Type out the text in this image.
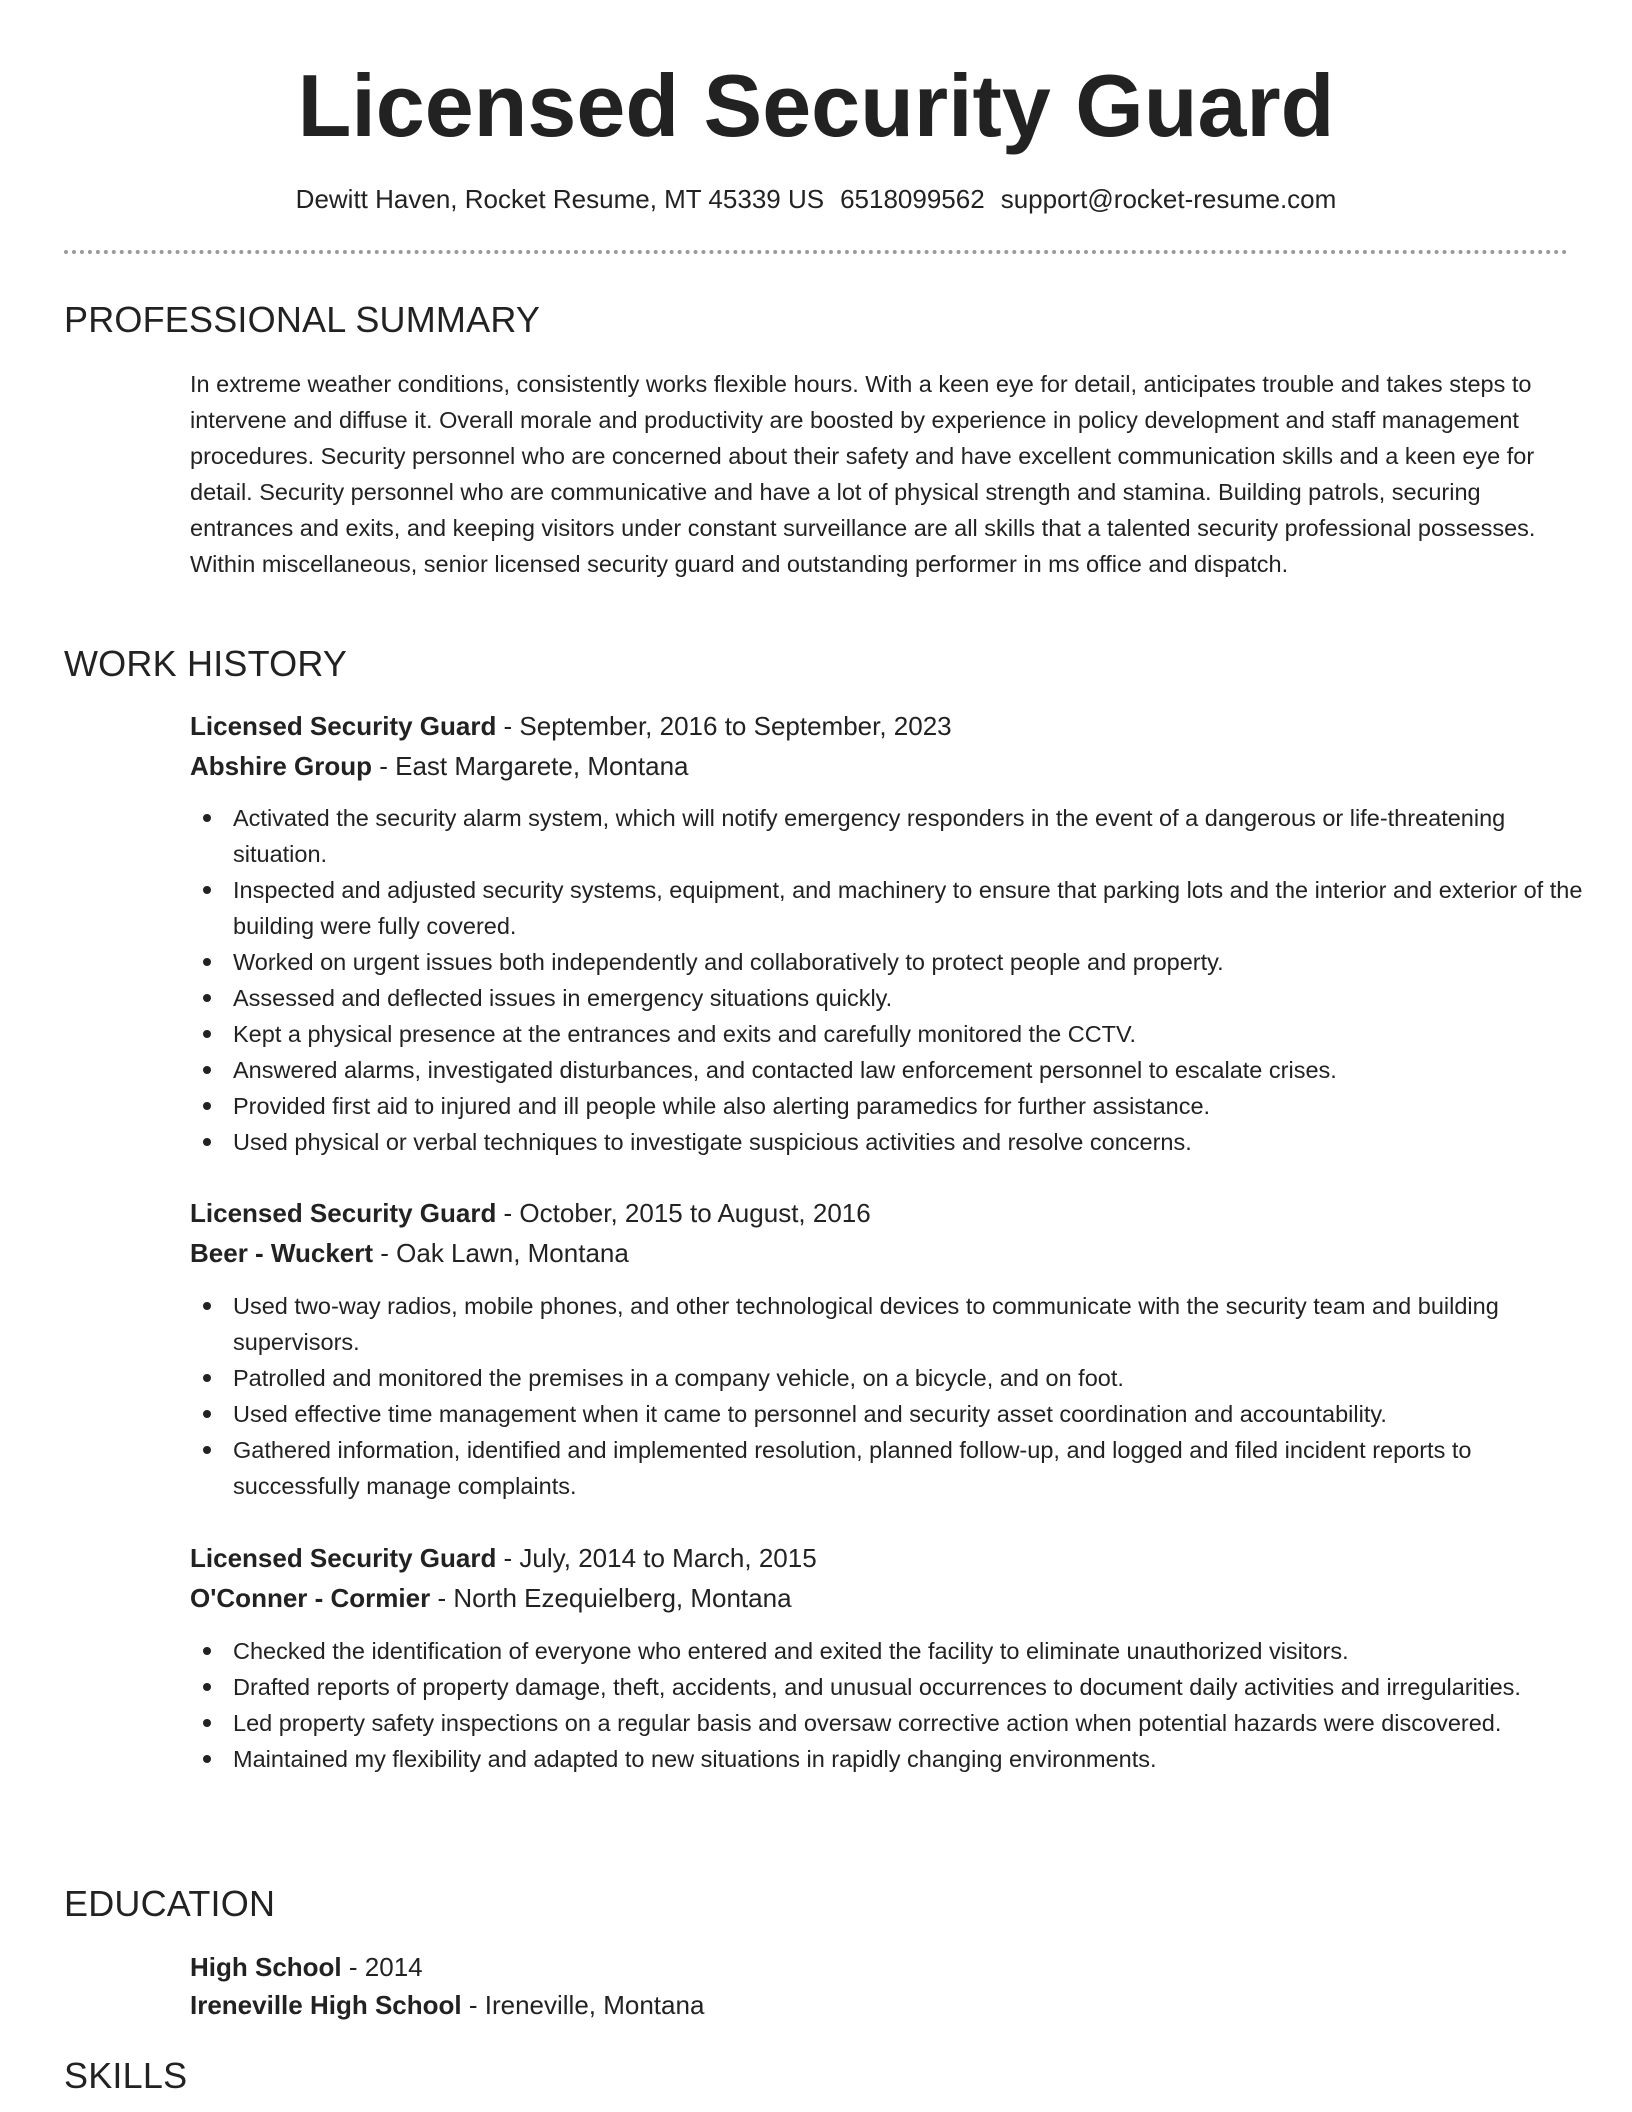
Licensed Security Guard
Dewitt Haven, Rocket Resume, MT 45339 US 6518099562 support@rocket-resume.com
PROFESSIONAL SUMMARY

In extreme weather conditions, consistently works flexible hours. With a keen eye for detail, anticipates trouble and takes steps to intervene and diffuse it. Overall morale and productivity are boosted by experience in policy development and staff management procedures. Security personnel who are concerned about their safety and have excellent communication skills and a keen eye for detail. Security personnel who are communicative and have a lot of physical strength and stamina. Building patrols, securing entrances and exits, and keeping visitors under constant surveillance are all skills that a talented security professional possesses. Within miscellaneous, senior licensed security guard and outstanding performer in ms office and dispatch.

WORK HISTORY
Licensed Security Guard - September, 2016 to September, 2023
Abshire Group - East Margarete, Montana
Activated the security alarm system, which will notify emergency responders in the event of a dangerous or life-threatening situation.
Inspected and adjusted security systems, equipment, and machinery to ensure that parking lots and the interior and exterior of the building were fully covered.
Worked on urgent issues both independently and collaboratively to protect people and property.
Assessed and deflected issues in emergency situations quickly.
Kept a physical presence at the entrances and exits and carefully monitored the CCTV.
Answered alarms, investigated disturbances, and contacted law enforcement personnel to escalate crises.
Provided first aid to injured and ill people while also alerting paramedics for further assistance.
Used physical or verbal techniques to investigate suspicious activities and resolve concerns.
Licensed Security Guard - October, 2015 to August, 2016
Beer - Wuckert - Oak Lawn, Montana
Used two-way radios, mobile phones, and other technological devices to communicate with the security team and building supervisors.
Patrolled and monitored the premises in a company vehicle, on a bicycle, and on foot.
Used effective time management when it came to personnel and security asset coordination and accountability.
Gathered information, identified and implemented resolution, planned follow-up, and logged and filed incident reports to successfully manage complaints.
Licensed Security Guard - July, 2014 to March, 2015
O'Conner - Cormier - North Ezequielberg, Montana
Checked the identification of everyone who entered and exited the facility to eliminate unauthorized visitors.
Drafted reports of property damage, theft, accidents, and unusual occurrences to document daily activities and irregularities.
Led property safety inspections on a regular basis and oversaw corrective action when potential hazards were discovered.
Maintained my flexibility and adapted to new situations in rapidly changing environments.
EDUCATION
High School - 2014
Ireneville High School - Ireneville, Montana
SKILLS
